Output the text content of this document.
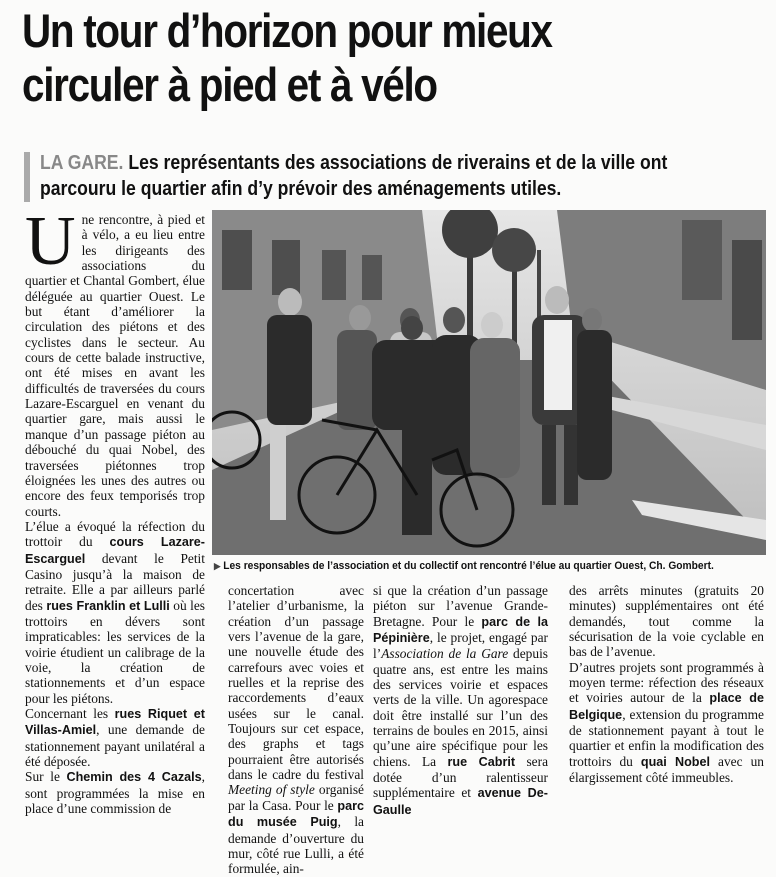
Un tour d’horizon pour mieux
circuler à pied et à vélo
LA GARE. Les représentants des associations de riverains et de la ville ont
parcouru le quartier afin d’y prévoir des aménagements utiles.

Une rencontre, à pied et à vélo, a eu lieu entre les dirigeants des associations du quartier et Chantal Gombert, élue déléguée au quartier Ouest. Le but étant d’améliorer la circulation des piétons et des cyclistes dans le secteur. Au cours de cette balade instructive, ont été mises en avant les difficultés de traversées du cours Lazare-Escarguel en venant du quartier gare, mais aussi le manque d’un passage piéton au débouché du quai Nobel, des traversées piétonnes trop éloignées les unes des autres ou encore des feux temporisés trop courts.

L’élue a évoqué la réfection du trottoir du cours Lazare-Escarguel devant le Petit Casino jusqu’à la maison de retraite. Elle a par ailleurs parlé des rues Franklin et Lulli où les trottoirs en dévers sont impraticables: les services de la voirie étudient un calibrage de la voie, la création de stationnements et d’un espace pour les piétons.

Concernant les rues Riquet et Villas-Amiel, une demande de stationnement payant unilatéral a été déposée.

Sur le Chemin des 4 Cazals, sont programmées la mise en place d’une commission de

▶ Les responsables de l’association et du collectif ont rencontré l’élue au quartier Ouest, Ch. Gombert.

concertation avec l’atelier d’urbanisme, la création d’un passage vers l’avenue de la gare, une nouvelle étude des carrefours avec voies et ruelles et la reprise des raccordements d’eaux usées sur le canal. Toujours sur cet espace, des graphs et tags pourraient être autorisés dans le cadre du festival Meeting of style organisé par la Casa. Pour le parc du musée Puig, la demande d’ouverture du mur, côté rue Lulli, a été formulée, ain-

si que la création d’un passage piéton sur l’avenue Grande-Bretagne. Pour le parc de la Pépinière, le projet, engagé par l’Association de la Gare depuis quatre ans, est entre les mains des services voirie et espaces verts de la ville. Un agorespace doit être installé sur l’un des terrains de boules en 2015, ainsi qu’une aire spécifique pour les chiens. La rue Cabrit sera dotée d’un ralentisseur supplémentaire et avenue De-Gaulle

des arrêts minutes (gratuits 20 minutes) supplémentaires ont été demandés, tout comme la sécurisation de la voie cyclable en bas de l’avenue.

D’autres projets sont programmés à moyen terme: réfection des réseaux et voiries autour de la place de Belgique, extension du programme de stationnement payant à tout le quartier et enfin la modification des trottoirs du quai Nobel avec un élargissement côté immeubles.
